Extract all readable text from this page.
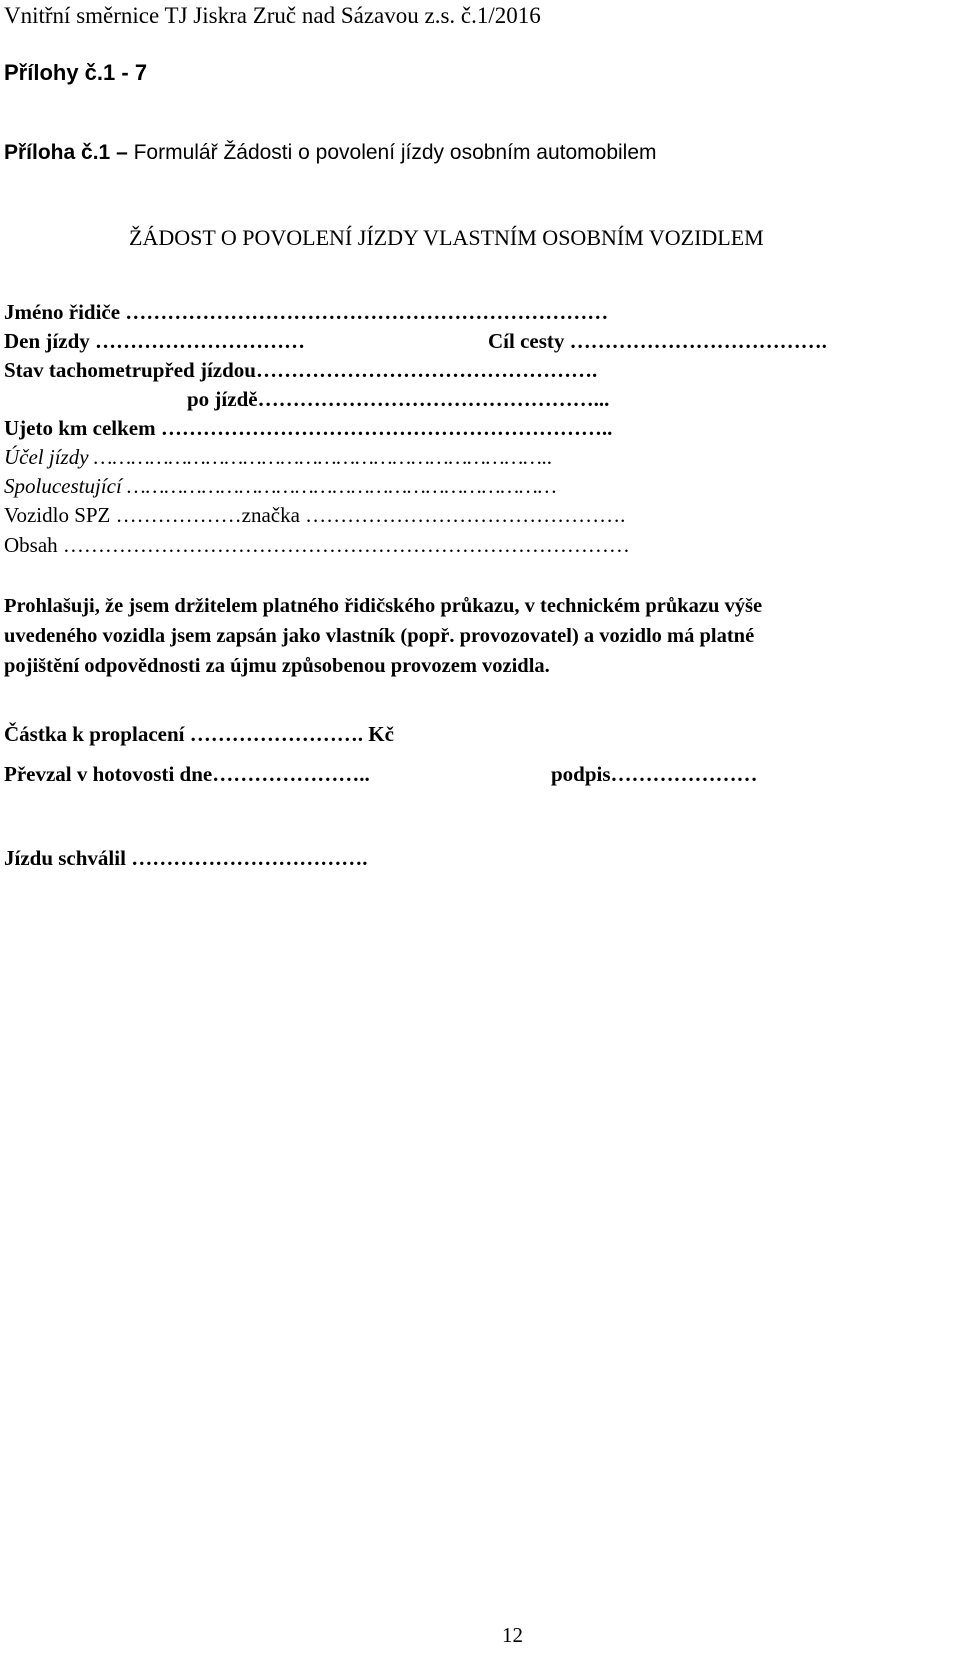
Vnitřní směrnice TJ Jiskra Zruč nad Sázavou z.s. č.1/2016
Přílohy č.1 - 7
Příloha č.1 – Formulář Žádosti o povolení jízdy osobním automobilem
ŽÁDOST O POVOLENÍ JÍZDY VLASTNÍM OSOBNÍM VOZIDLEM
Jméno řidiče ……………………………………………………………
Den jízdy …………………………	Cíl cesty ……………………………….
Stav tachometrupřed jízdou………………………………………….
po jízdě…………………………………………...
Ujeto km celkem ………………………………………………………..
Účel jízdy ………………………………………………………………..
Spolucestující ……………………………………………………………
Vozidlo SPZ ………………značka ……………………………………….
Obsah ………………………………………………………………………
Prohlašuji, že jsem držitelem platného řidičského průkazu, v technickém průkazu výše
uvedeného vozidla jsem zapsán jako vlastník (popř. provozovatel) a vozidlo má platné
pojištění odpovědnosti za újmu způsobenou provozem vozidla.
Částka k proplacení ……………………. Kč
Převzal v hotovosti dne…………………..	podpis…………………
Jízdu schválil …………………………….
12
